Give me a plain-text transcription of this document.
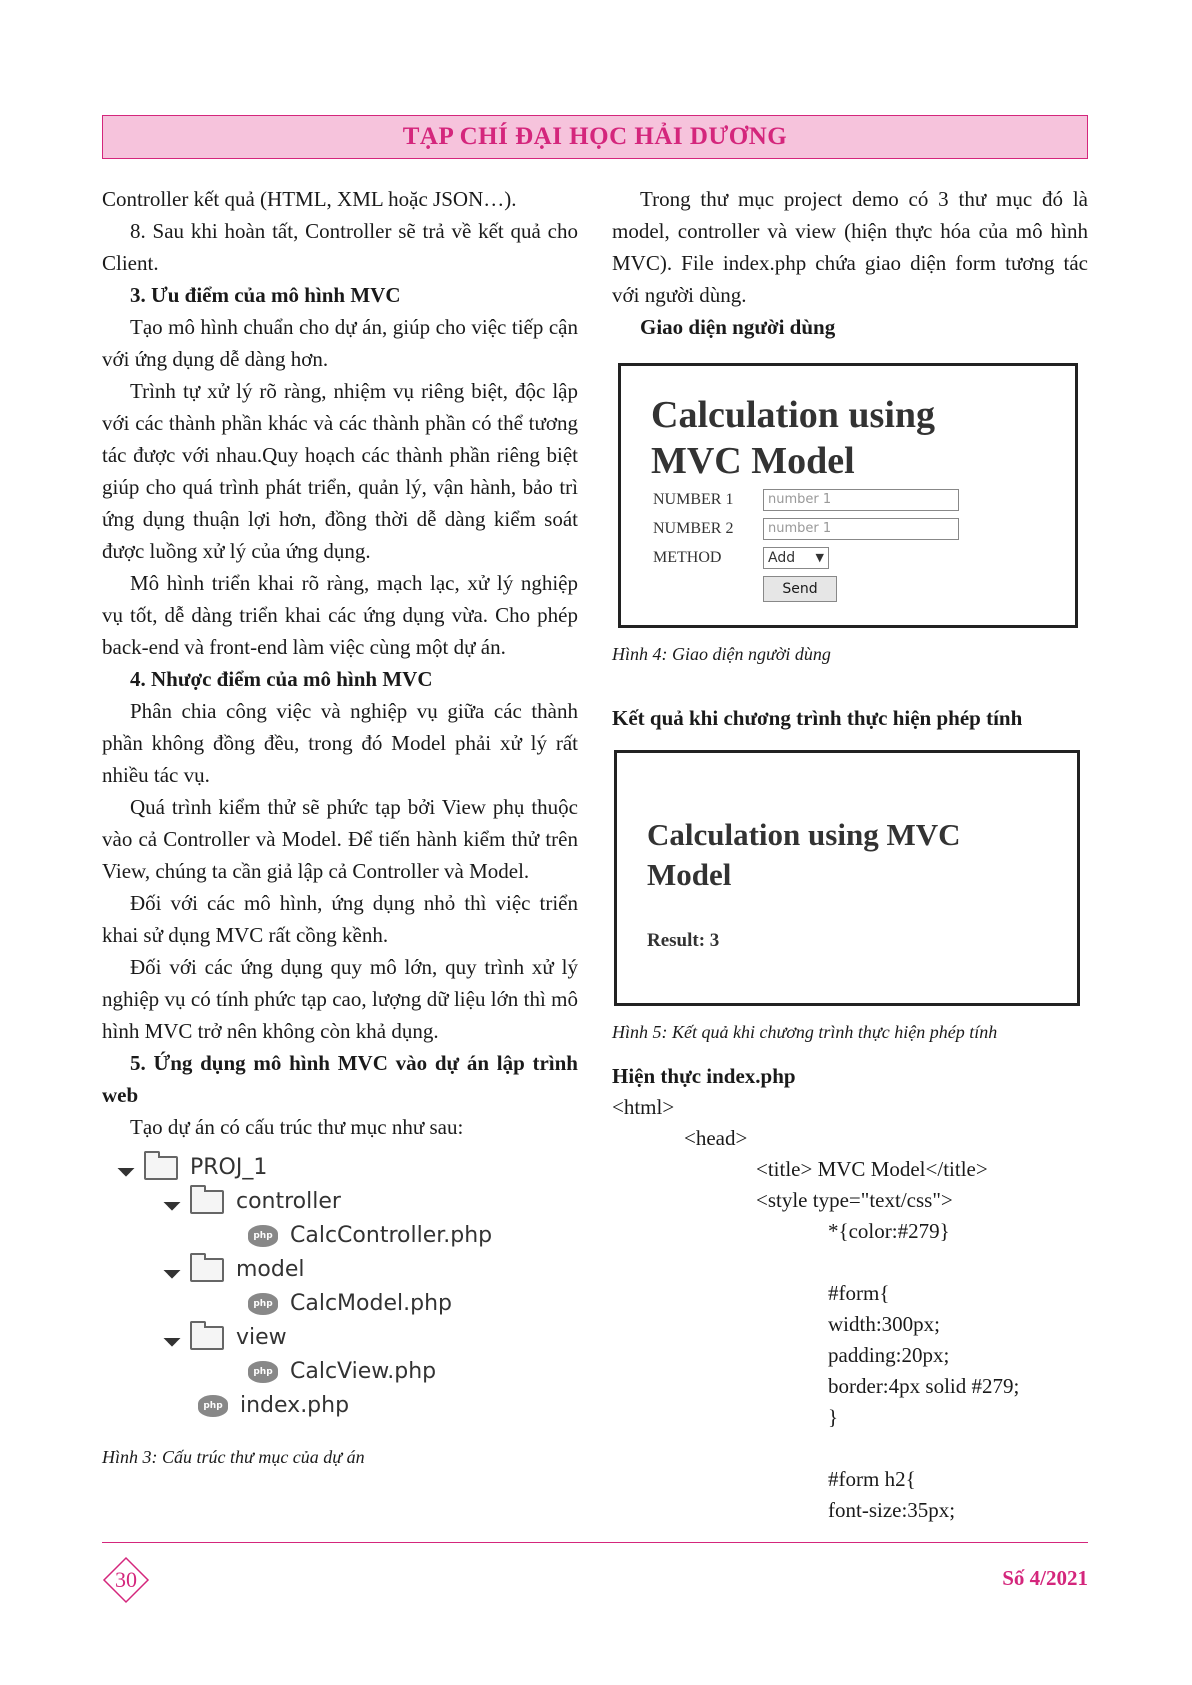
TẠP CHÍ ĐẠI HỌC HẢI DƯƠNG

Controller kết quả (HTML, XML hoặc JSON…).

8. Sau khi hoàn tất, Controller sẽ trả về kết quả cho Client.

3. Ưu điểm của mô hình MVC

Tạo mô hình chuẩn cho dự án, giúp cho việc tiếp cận với ứng dụng dễ dàng hơn.

Trình tự xử lý rõ ràng, nhiệm vụ riêng biệt, độc lập với các thành phần khác và các thành phần có thể tương tác được với nhau.Quy hoạch các thành phần riêng biệt giúp cho quá trình phát triển, quản lý, vận hành, bảo trì ứng dụng thuận lợi hơn, đồng thời dễ dàng kiểm soát được luồng xử lý của ứng dụng.

Mô hình triển khai rõ ràng, mạch lạc, xử lý nghiệp vụ tốt, dễ dàng triển khai các ứng dụng vừa. Cho phép back-end và front-end làm việc cùng một dự án.

4. Nhược điểm của mô hình MVC

Phân chia công việc và nghiệp vụ giữa các thành phần không đồng đều, trong đó Model phải xử lý rất nhiều tác vụ.

Quá trình kiểm thử sẽ phức tạp bởi View phụ thuộc vào cả Controller và Model. Để tiến hành kiểm thử trên View, chúng ta cần giả lập cả Controller và Model.

Đối với các mô hình, ứng dụng nhỏ thì việc triển khai sử dụng MVC rất cồng kềnh.

Đối với các ứng dụng quy mô lớn, quy trình xử lý nghiệp vụ có tính phức tạp cao, lượng dữ liệu lớn thì mô hình MVC trở nên không còn khả dụng.

5. Ứng dụng mô hình MVC vào dự án lập trình web

Tạo dự án có cấu trúc thư mục như sau:

PROJ_1
controller
php CalcController.php
model
php CalcModel.php
view
php CalcView.php
php index.php

Hình 3: Cấu trúc thư mục của dự án

Trong thư mục project demo có 3 thư mục đó là model, controller và view (hiện thực hóa của mô hình MVC). File index.php chứa giao diện form tương tác với người dùng.

Giao diện người dùng

Calculation using
MVC Model
NUMBER 1	number 1
NUMBER 2	number 1
METHOD	Add ▼
Send

Hình 4: Giao diện người dùng

Kết quả khi chương trình thực hiện phép tính

Calculation using MVC
Model
Result: 3

Hình 5: Kết quả khi chương trình thực hiện phép tính

Hiện thực index.php

<html>

<head>

<title> MVC Model</title>

<style type="text/css">

*{color:#279}

#form{

width:300px;

padding:20px;

border:4px solid #279;

}

#form h2{

font-size:35px;

30	Số 4/2021
